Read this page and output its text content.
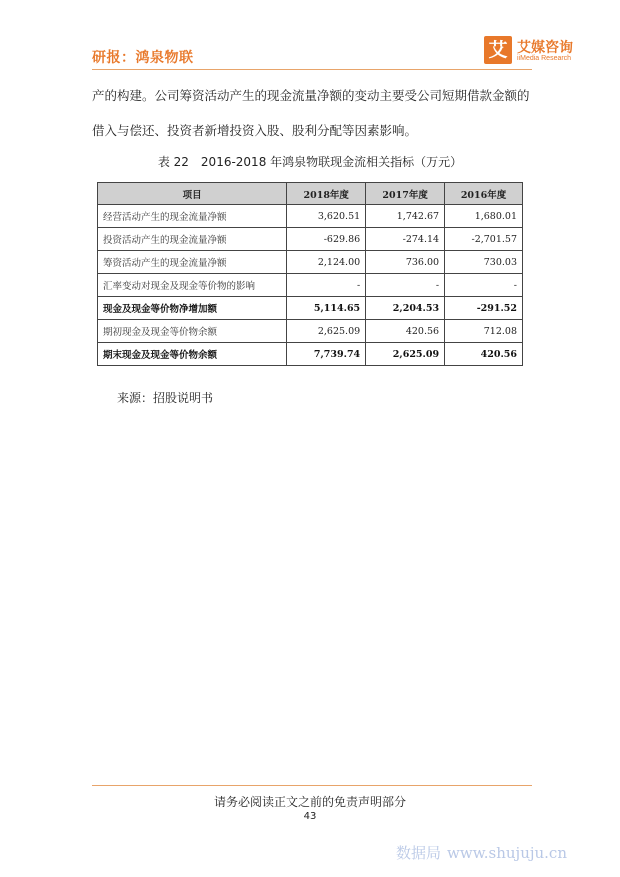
研报：鸿泉物联	艾 艾媒咨询
iiMedia Research
产的构建。公司筹资活动产生的现金流量净额的变动主要受公司短期借款金额的
借入与偿还、投资者新增投资入股、股利分配等因素影响。
表 22 2016-2018 年鸿泉物联现金流相关指标（万元）
项目	2018年度	2017年度	2016年度
经营活动产生的现金流量净额	3,620.51	1,742.67	1,680.01
投资活动产生的现金流量净额	-629.86	-274.14	-2,701.57
筹资活动产生的现金流量净额	2,124.00	736.00	730.03
汇率变动对现金及现金等价物的影响	-	-	-
现金及现金等价物净增加额	5,114.65	2,204.53	-291.52
期初现金及现金等价物余额	2,625.09	420.56	712.08
期末现金及现金等价物余额	7,739.74	2,625.09	420.56
来源：招股说明书
请务必阅读正文之前的免责声明部分
43
数据局 www.shujuju.cn
